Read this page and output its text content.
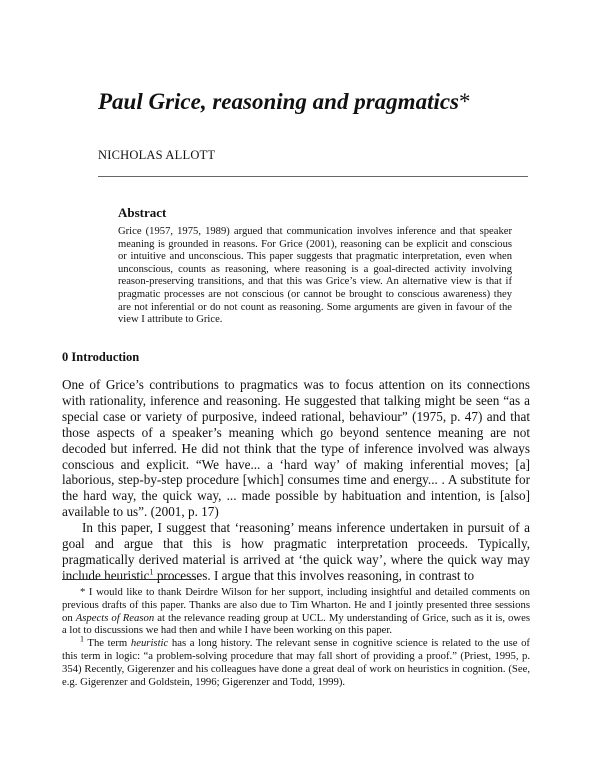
Paul Grice, reasoning and pragmatics*
NICHOLAS ALLOTT
Abstract

Grice (1957, 1975, 1989) argued that communication involves inference and that speaker meaning is grounded in reasons. For Grice (2001), reasoning can be explicit and conscious or intuitive and unconscious. This paper suggests that pragmatic interpretation, even when unconscious, counts as reasoning, where reasoning is a goal-directed activity involving reason-preserving transitions, and that this was Grice’s view. An alternative view is that if pragmatic processes are not conscious (or cannot be brought to conscious awareness) they are not inferential or do not count as reasoning. Some arguments are given in favour of the view I attribute to Grice.

0 Introduction

One of Grice’s contributions to pragmatics was to focus attention on its connections with rationality, inference and reasoning. He suggested that talking might be seen “as a special case or variety of purposive, indeed rational, behaviour” (1975, p. 47) and that those aspects of a speaker’s meaning which go beyond sentence meaning are not decoded but inferred. He did not think that the type of inference involved was always conscious and explicit. “We have... a ‘hard way’ of making inferential moves; [a] laborious, step-by-step procedure [which] consumes time and energy... . A substitute for the hard way, the quick way, ... made possible by habituation and intention, is [also] available to us”. (2001, p. 17)

In this paper, I suggest that ‘reasoning’ means inference undertaken in pursuit of a goal and argue that this is how pragmatic interpretation proceeds. Typically, pragmatically derived material is arrived at ‘the quick way’, where the quick way may include heuristic$^1$ processes. I argue that this involves reasoning, in contrast to

* I would like to thank Deirdre Wilson for her support, including insightful and detailed comments on previous drafts of this paper. Thanks are also due to Tim Wharton. He and I jointly presented three sessions on Aspects of Reason at the relevance reading group at UCL. My understanding of Grice, such as it is, owes a lot to discussions we had then and while I have been working on this paper.

$^1$ The term heuristic has a long history. The relevant sense in cognitive science is related to the use of this term in logic: “a problem-solving procedure that may fall short of providing a proof.” (Priest, 1995, p. 354) Recently, Gigerenzer and his colleagues have done a great deal of work on heuristics in cognition. (See, e.g. Gigerenzer and Goldstein, 1996; Gigerenzer and Todd, 1999).
